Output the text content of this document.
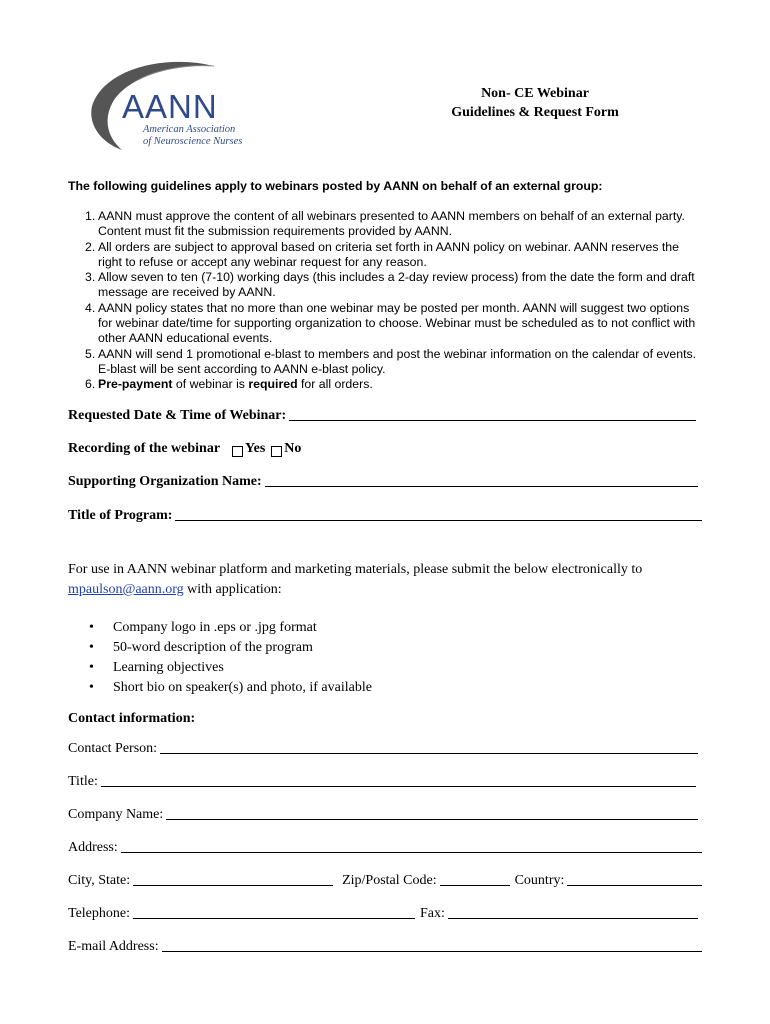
AANN
American Association
of Neuroscience Nurses
Non- CE Webinar
Guidelines & Request Form
The following guidelines apply to webinars posted by AANN on behalf of an external group:
1. AANN must approve the content of all webinars presented to AANN members on behalf of an external party. Content must fit the submission requirements provided by AANN.
2. All orders are subject to approval based on criteria set forth in AANN policy on webinar. AANN reserves the right to refuse or accept any webinar request for any reason.
3. Allow seven to ten (7-10) working days (this includes a 2-day review process) from the date the form and draft message are received by AANN.
4. AANN policy states that no more than one webinar may be posted per month. AANN will suggest two options for webinar date/time for supporting organization to choose. Webinar must be scheduled as to not conflict with other AANN educational events.
5. AANN will send 1 promotional e-blast to members and post the webinar information on the calendar of events. E-blast will be sent according to AANN e-blast policy.
6. Pre-payment of webinar is required for all orders.
Requested Date & Time of Webinar:
Recording of the webinar Yes No
Supporting Organization Name:
Title of Program:
For use in AANN webinar platform and marketing materials, please submit the below electronically to
mpaulson@aann.org with application:
• Company logo in .eps or .jpg format
• 50-word description of the program
• Learning objectives
• Short bio on speaker(s) and photo, if available
Contact information:
Contact Person:
Title:
Company Name:
Address:
City, State:	Zip/Postal Code:	Country:
Telephone:	Fax:
E-mail Address:
